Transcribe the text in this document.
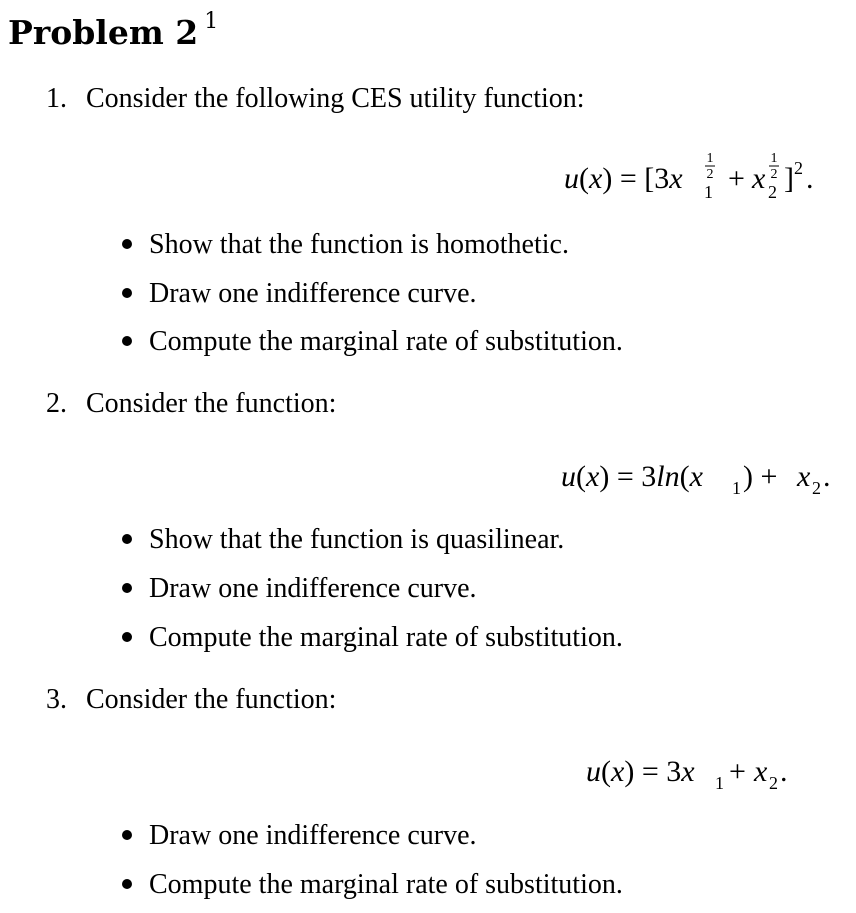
Problem 2 $^1$
1. Consider the following CES utility function:
u(x) = [3x₁^(1/2) + x₂^(1/2)]².
u(x) = [3x
1
2
1 + x
1
2
2 ] 2 .
Show that the function is homothetic.
Draw one indifference curve.
Compute the marginal rate of substitution.
2. Consider the function:
u(x) = 3ln(x₁) + x₂.
u(x) = 3ln(x 1 ) + x 2 .
Show that the function is quasilinear.
Draw one indifference curve.
Compute the marginal rate of substitution.
3. Consider the function:
u(x) = 3x₁ + x₂.
u(x) = 3x 1 + x 2 .
Draw one indifference curve.
Compute the marginal rate of substitution.
